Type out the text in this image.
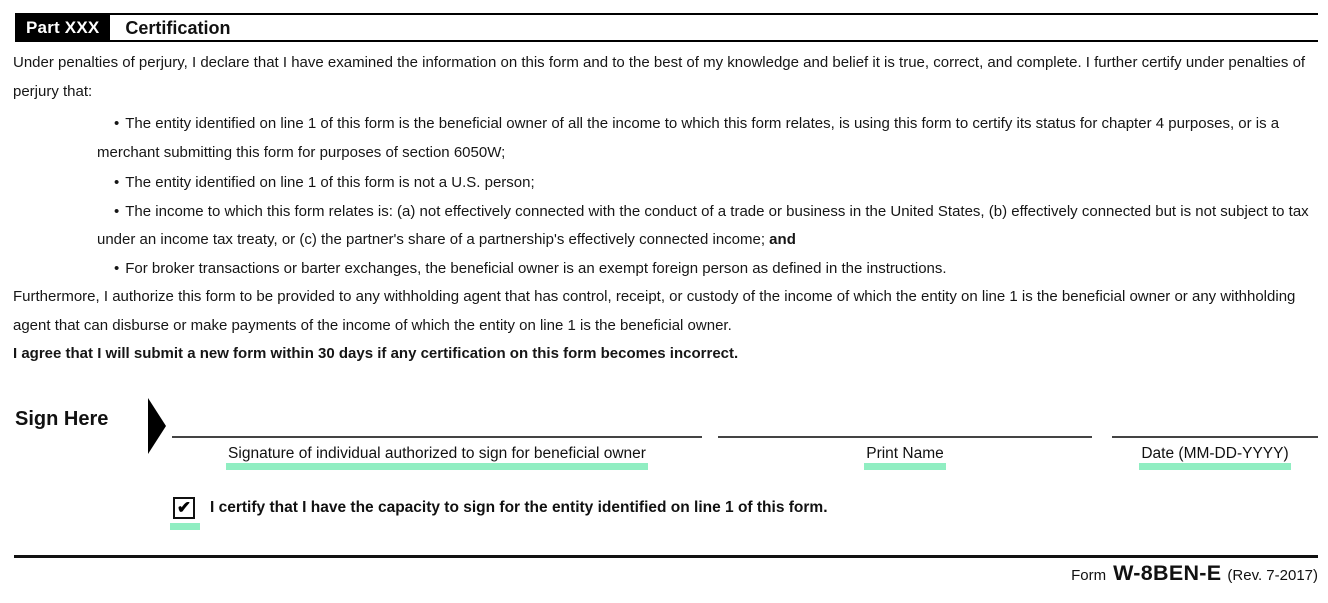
Part XXX	Certification

Under penalties of perjury, I declare that I have examined the information on this form and to the best of my knowledge and belief it is true, correct, and complete. I further certify under penalties of perjury that:

• The entity identified on line 1 of this form is the beneficial owner of all the income to which this form relates, is using this form to certify its status for chapter 4 purposes, or is a merchant submitting this form for purposes of section 6050W;

• The entity identified on line 1 of this form is not a U.S. person;

• The income to which this form relates is: (a) not effectively connected with the conduct of a trade or business in the United States, (b) effectively connected but is not subject to tax under an income tax treaty, or (c) the partner's share of a partnership's effectively connected income; and

• For broker transactions or barter exchanges, the beneficial owner is an exempt foreign person as defined in the instructions.

Furthermore, I authorize this form to be provided to any withholding agent that has control, receipt, or custody of the income of which the entity on line 1 is the beneficial owner or any withholding agent that can disburse or make payments of the income of which the entity on line 1 is the beneficial owner.

I agree that I will submit a new form within 30 days if any certification on this form becomes incorrect.

Sign Here
Signature of individual authorized to sign for beneficial owner	Print Name	Date (MM-DD-YYYY)
✔ I certify that I have the capacity to sign for the entity identified on line 1 of this form.
Form W-8BEN-E (Rev. 7-2017)
